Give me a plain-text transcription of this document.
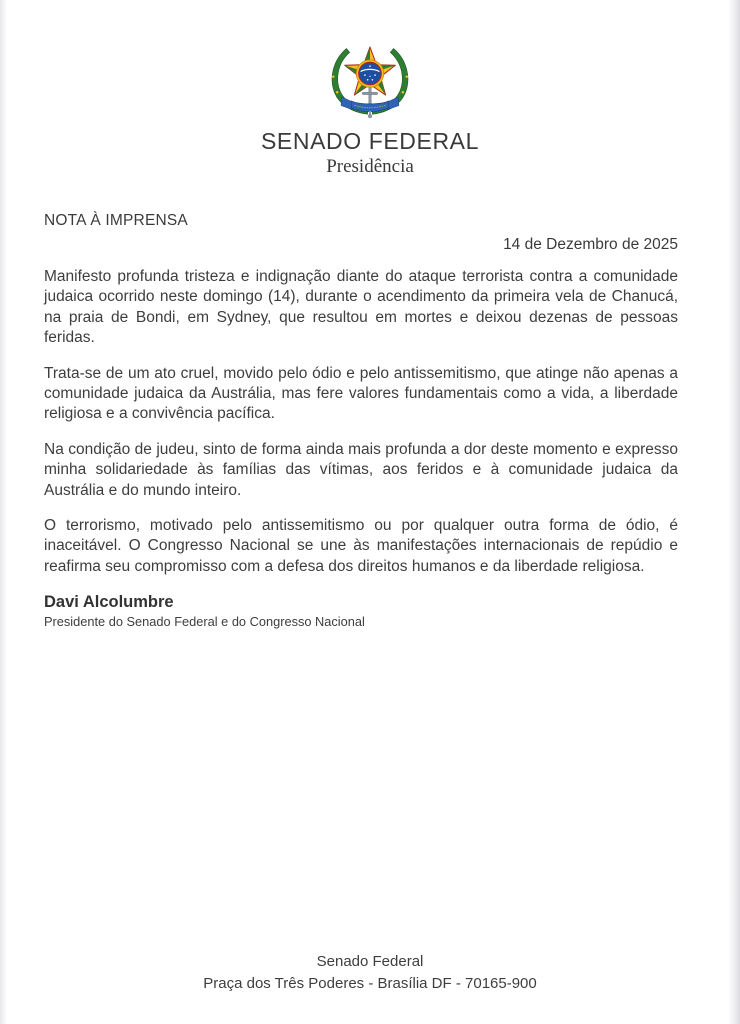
SENADO FEDERAL
Presidência
NOTA À IMPRENSA
14 de Dezembro de 2025

Manifesto profunda tristeza e indignação diante do ataque terrorista contra a comunidade judaica ocorrido neste domingo (14), durante o acendimento da primeira vela de Chanucá, na praia de Bondi, em Sydney, que resultou em mortes e deixou dezenas de pessoas feridas.

Trata-se de um ato cruel, movido pelo ódio e pelo antissemitismo, que atinge não apenas a comunidade judaica da Austrália, mas fere valores fundamentais como a vida, a liberdade religiosa e a convivência pacífica.

Na condição de judeu, sinto de forma ainda mais profunda a dor deste momento e expresso minha solidariedade às famílias das vítimas, aos feridos e à comunidade judaica da Austrália e do mundo inteiro.

O terrorismo, motivado pelo antissemitismo ou por qualquer outra forma de ódio, é inaceitável. O Congresso Nacional se une às manifestações internacionais de repúdio e reafirma seu compromisso com a defesa dos direitos humanos e da liberdade religiosa.

Davi Alcolumbre
Presidente do Senado Federal e do Congresso Nacional
Senado Federal
Praça dos Três Poderes - Brasília DF - 70165-900
